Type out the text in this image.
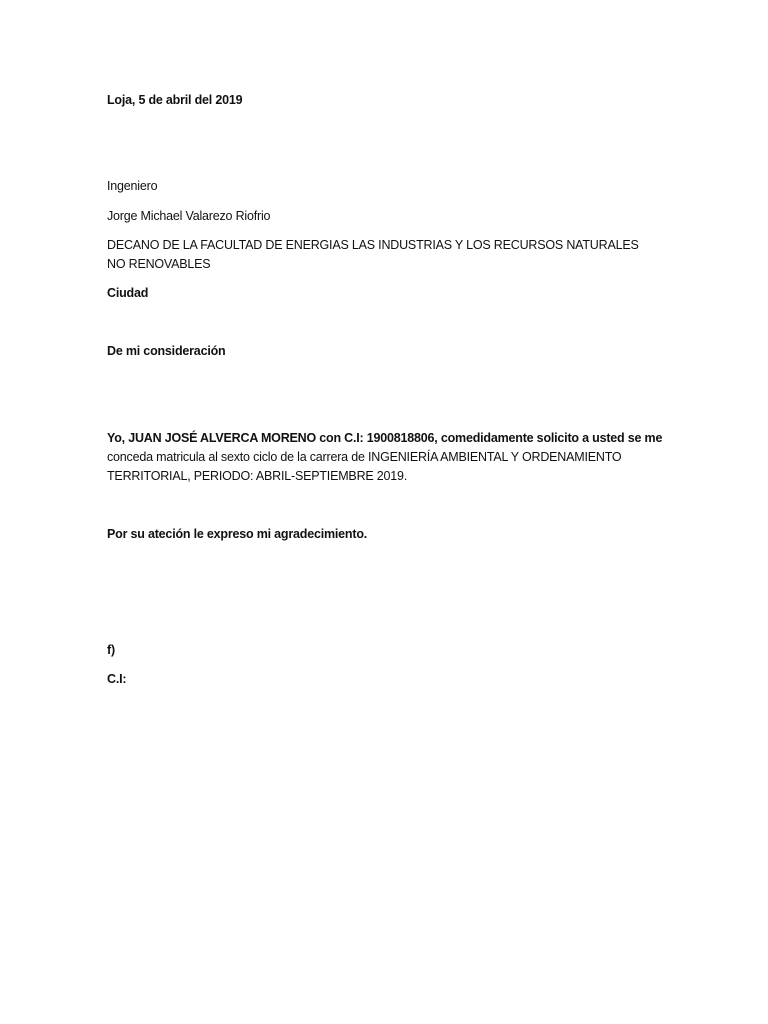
Loja, 5 de abril del 2019
Ingeniero
Jorge Michael Valarezo Riofrio
DECANO DE LA FACULTAD DE ENERGIAS LAS INDUSTRIAS Y LOS RECURSOS NATURALES NO RENOVABLES
Ciudad
De mi consideración
Yo, JUAN JOSÉ ALVERCA MORENO con C.I: 1900818806, comedidamente solicito a usted se me
conceda matricula al sexto ciclo de la carrera de INGENIERÍA AMBIENTAL Y ORDENAMIENTO
TERRITORIAL, PERIODO: ABRIL-SEPTIEMBRE 2019.
Por su ateción le expreso mi agradecimiento.
f)
C.I:
